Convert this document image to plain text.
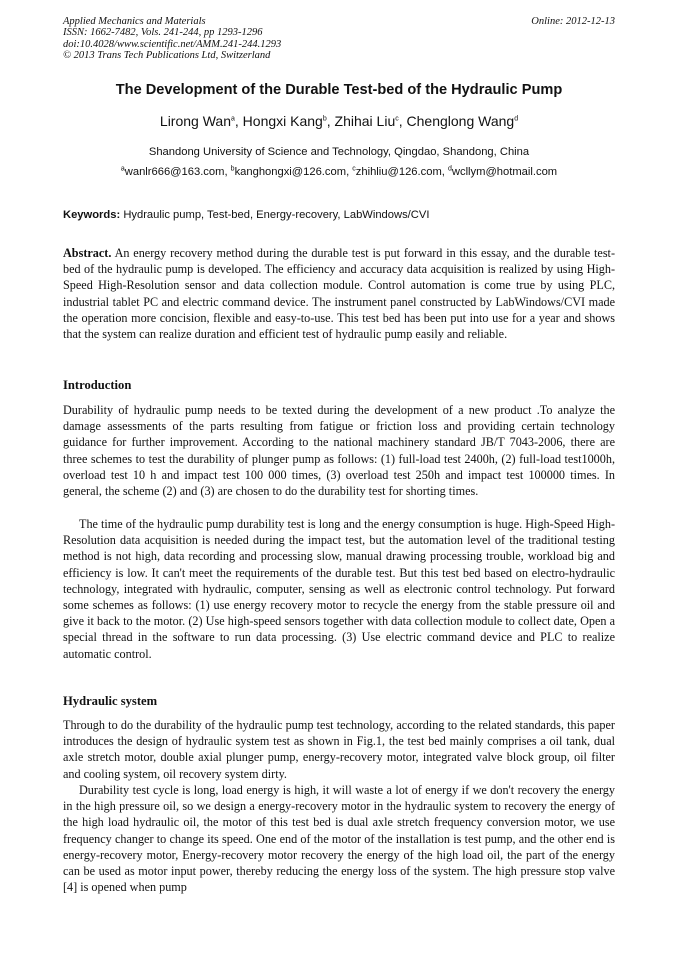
Applied Mechanics and Materials	Online: 2012-12-13
ISSN: 1662-7482, Vols. 241-244, pp 1293-1296
doi:10.4028/www.scientific.net/AMM.241-244.1293
© 2013 Trans Tech Publications Ltd, Switzerland
The Development of the Durable Test-bed of the Hydraulic Pump
Lirong Wan$^a$, Hongxi Kang$^b$, Zhihai Liu$^c$, Chenglong Wang$^d$
Shandong University of Science and Technology, Qingdao, Shandong, China
$^a$wanlr666@163.com, $^b$kanghongxi@126.com, $^c$zhihliu@126.com, $^d$wcllym@hotmail.com
Keywords: Hydraulic pump, Test-bed, Energy-recovery, LabWindows/CVI

Abstract. An energy recovery method during the durable test is put forward in this essay, and the durable test-bed of the hydraulic pump is developed. The efficiency and accuracy data acquisition is realized by using High-Speed High-Resolution sensor and data collection module. Control automation is come true by using PLC, industrial tablet PC and electric command device. The instrument panel constructed by LabWindows/CVI made the operation more concision, flexible and easy-to-use. This test bed has been put into use for a year and shows that the system can realize duration and efficient test of hydraulic pump easily and reliable.

Introduction

Durability of hydraulic pump needs to be texted during the development of a new product .To analyze the damage assessments of the parts resulting from fatigue or friction loss and providing certain technology guidance for further improvement. According to the national machinery standard JB/T 7043-2006, there are three schemes to test the durability of plunger pump as follows: (1) full-load test 2400h, (2) full-load test1000h, overload test 10 h and impact test 100 000 times, (3) overload test 250h and impact test 100000 times. In general, the scheme (2) and (3) are chosen to do the durability test for shorting times.

The time of the hydraulic pump durability test is long and the energy consumption is huge. High-Speed High-Resolution data acquisition is needed during the impact test, but the automation level of the traditional testing method is not high, data recording and processing slow, manual drawing processing trouble, workload big and efficiency is low. It can't meet the requirements of the durable test. But this test bed based on electro-hydraulic technology, integrated with hydraulic, computer, sensing as well as electronic control technology. Put forward some schemes as follows: (1) use energy recovery motor to recycle the energy from the stable pressure oil and give it back to the motor. (2) Use high-speed sensors together with data collection module to collect date, Open a special thread in the software to run data processing. (3) Use electric command device and PLC to realize automatic control.

Hydraulic system

Through to do the durability of the hydraulic pump test technology, according to the related standards, this paper introduces the design of hydraulic system test as shown in Fig.1, the test bed mainly comprises a oil tank, dual axle stretch motor, double axial plunger pump, energy-recovery motor, integrated valve block group, oil filter and cooling system, oil recovery system dirty.

Durability test cycle is long, load energy is high, it will waste a lot of energy if we don't recovery the energy in the high pressure oil, so we design a energy-recovery motor in the hydraulic system to recovery the energy of the high load hydraulic oil, the motor of this test bed is dual axle stretch frequency conversion motor, we use frequency changer to change its speed. One end of the motor of the installation is test pump, and the other end is energy-recovery motor, Energy-recovery motor recovery the energy of the high load oil, the part of the energy can be used as motor input power, thereby reducing the energy loss of the system. The high pressure stop valve [4] is opened when pump
